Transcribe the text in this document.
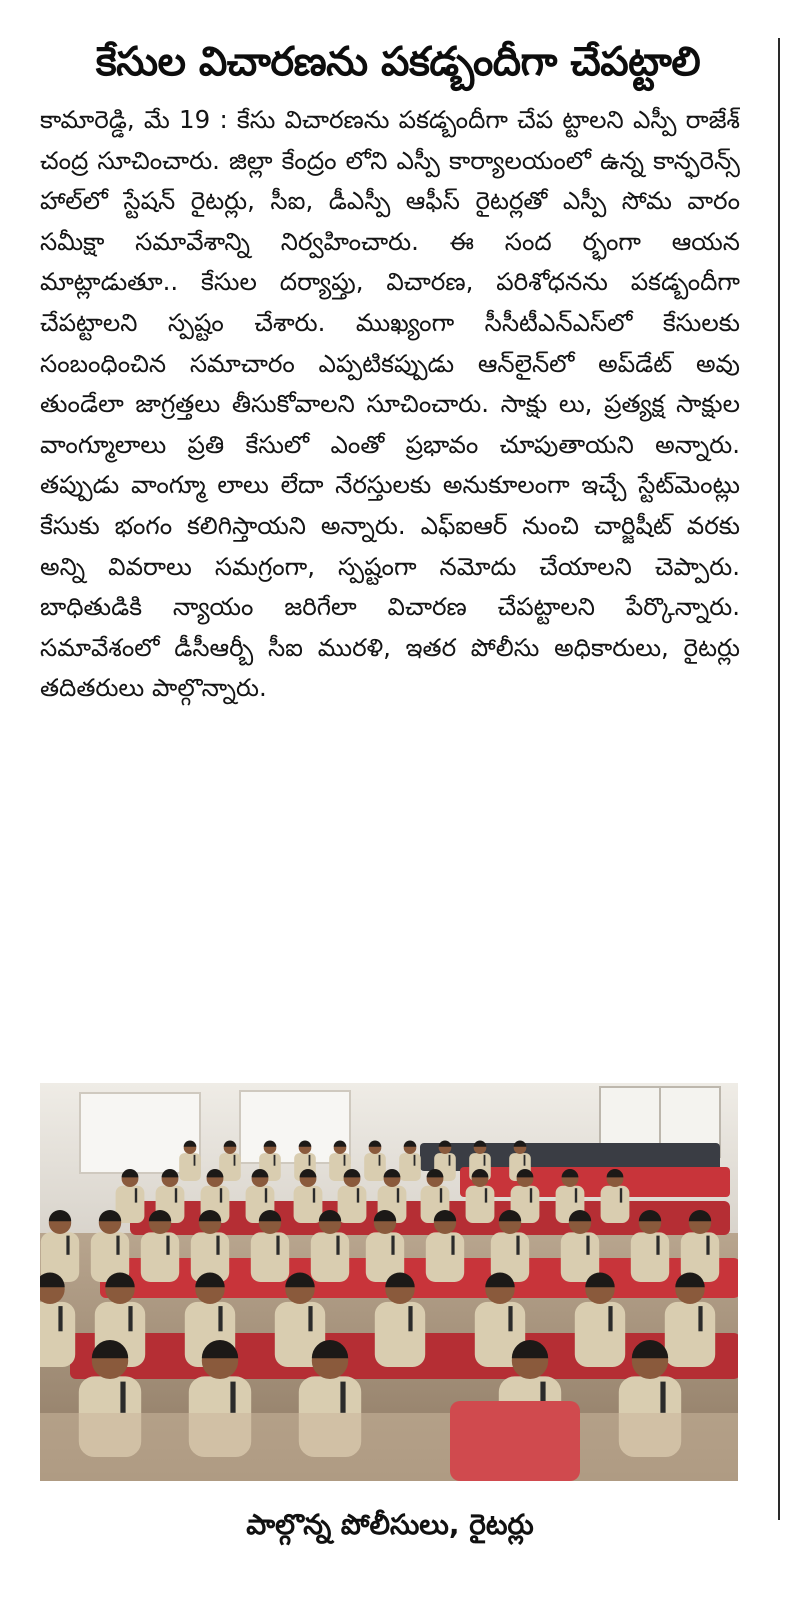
కేసుల విచారణను పకడ్బందీగా చేపట్టాలి

కామారెడ్డి, మే 19 : కేసు విచారణను పకడ్బందీగా చేప ట్టాలని ఎస్పీ రాజేశ్ చంద్ర సూచించారు. జిల్లా కేంద్రం లోని ఎస్పీ కార్యాలయంలో ఉన్న కాన్ఫరెన్స్ హాల్‌లో స్టేషన్ రైటర్లు, సీఐ, డీఎస్పీ ఆఫీస్ రైటర్లతో ఎస్పీ సోమ వారం సమీక్షా సమావేశాన్ని నిర్వహించారు. ఈ సంద ర్భంగా ఆయన మాట్లాడుతూ.. కేసుల దర్యాప్తు, విచారణ, పరిశోధనను పకడ్బందీగా చేపట్టాలని స్పష్టం చేశారు. ముఖ్యంగా సీసీటీఎన్ఎస్‌లో కేసులకు సంబంధించిన సమాచారం ఎప్పటికప్పుడు ఆన్‌లైన్‌లో అప్‌డేట్ అవు తుండేలా జాగ్రత్తలు తీసుకోవాలని సూచించారు. సాక్షు లు, ప్రత్యక్ష సాక్షుల వాంగ్మూలాలు ప్రతి కేసులో ఎంతో ప్రభావం చూపుతాయని అన్నారు. తప్పుడు వాంగ్మూ లాలు లేదా నేరస్తులకు అనుకూలంగా ఇచ్చే స్టేట్‌మెంట్లు కేసుకు భంగం కలిగిస్తాయని అన్నారు. ఎఫ్ఐఆర్ నుంచి చార్జిషీట్ వరకు అన్ని వివరాలు సమగ్రంగా, స్పష్టంగా నమోదు చేయాలని చెప్పారు. బాధితుడికి న్యాయం జరిగేలా విచారణ చేపట్టాలని పేర్కొన్నారు. సమావేశంలో డీసీఆర్బీ సీఐ మురళి, ఇతర పోలీసు అధికారులు, రైటర్లు తదితరులు పాల్గొన్నారు.

పాల్గొన్న పోలీసులు, రైటర్లు
